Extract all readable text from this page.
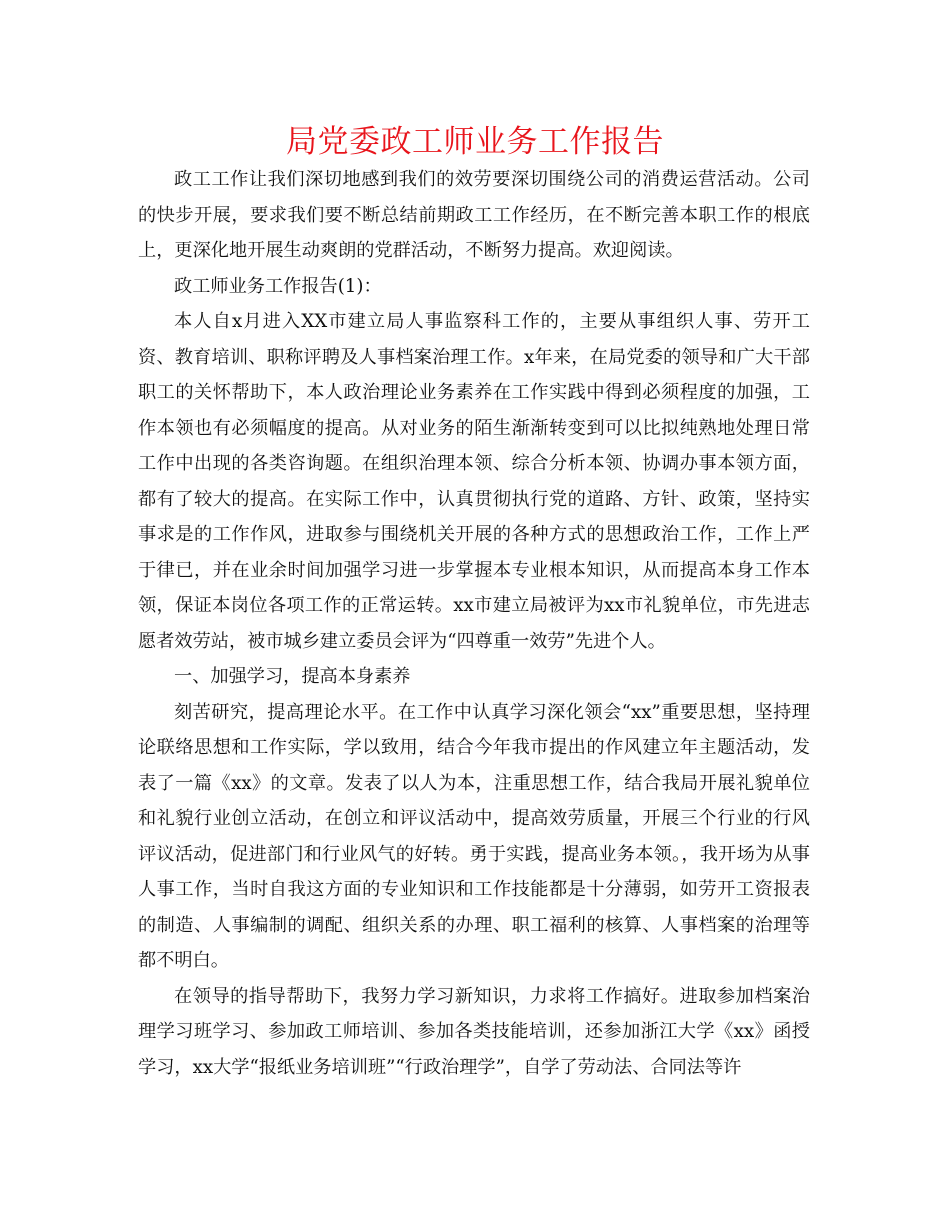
局党委政工师业务工作报告

政工工作让我们深切地感到我们的效劳要深切围绕公司的消费运营活动。公司的快步开展，要求我们要不断总结前期政工工作经历，在不断完善本职工作的根底上，更深化地开展生动爽朗的党群活动，不断努力提高。欢迎阅读。

政工师业务工作报告(1)：

本人自x月进入XX市建立局人事监察科工作的，主要从事组织人事、劳开工资、教育培训、职称评聘及人事档案治理工作。x年来，在局党委的领导和广大干部职工的关怀帮助下，本人政治理论业务素养在工作实践中得到必须程度的加强，工作本领也有必须幅度的提高。从对业务的陌生渐渐转变到可以比拟纯熟地处理日常工作中出现的各类咨询题。在组织治理本领、综合分析本领、协调办事本领方面，都有了较大的提高。在实际工作中，认真贯彻执行党的道路、方针、政策，坚持实事求是的工作作风，进取参与围绕机关开展的各种方式的思想政治工作，工作上严于律已，并在业余时间加强学习进一步掌握本专业根本知识，从而提高本身工作本领，保证本岗位各项工作的正常运转。xx市建立局被评为xx市礼貌单位，市先进志愿者效劳站，被市城乡建立委员会评为“四尊重一效劳”先进个人。

一、加强学习，提高本身素养

刻苦研究，提高理论水平。在工作中认真学习深化领会“xx”重要思想，坚持理论联络思想和工作实际，学以致用，结合今年我市提出的作风建立年主题活动，发表了一篇《xx》的文章。发表了以人为本，注重思想工作，结合我局开展礼貌单位和礼貌行业创立活动，在创立和评议活动中，提高效劳质量，开展三个行业的行风评议活动，促进部门和行业风气的好转。勇于实践，提高业务本领。，我开场为从事人事工作，当时自我这方面的专业知识和工作技能都是十分薄弱，如劳开工资报表的制造、人事编制的调配、组织关系的办理、职工福利的核算、人事档案的治理等都不明白。

在领导的指导帮助下，我努力学习新知识，力求将工作搞好。进取参加档案治理学习班学习、参加政工师培训、参加各类技能培训，还参加浙江大学《xx》函授学习，xx大学“报纸业务培训班”“行政治理学”，自学了劳动法、合同法等许
